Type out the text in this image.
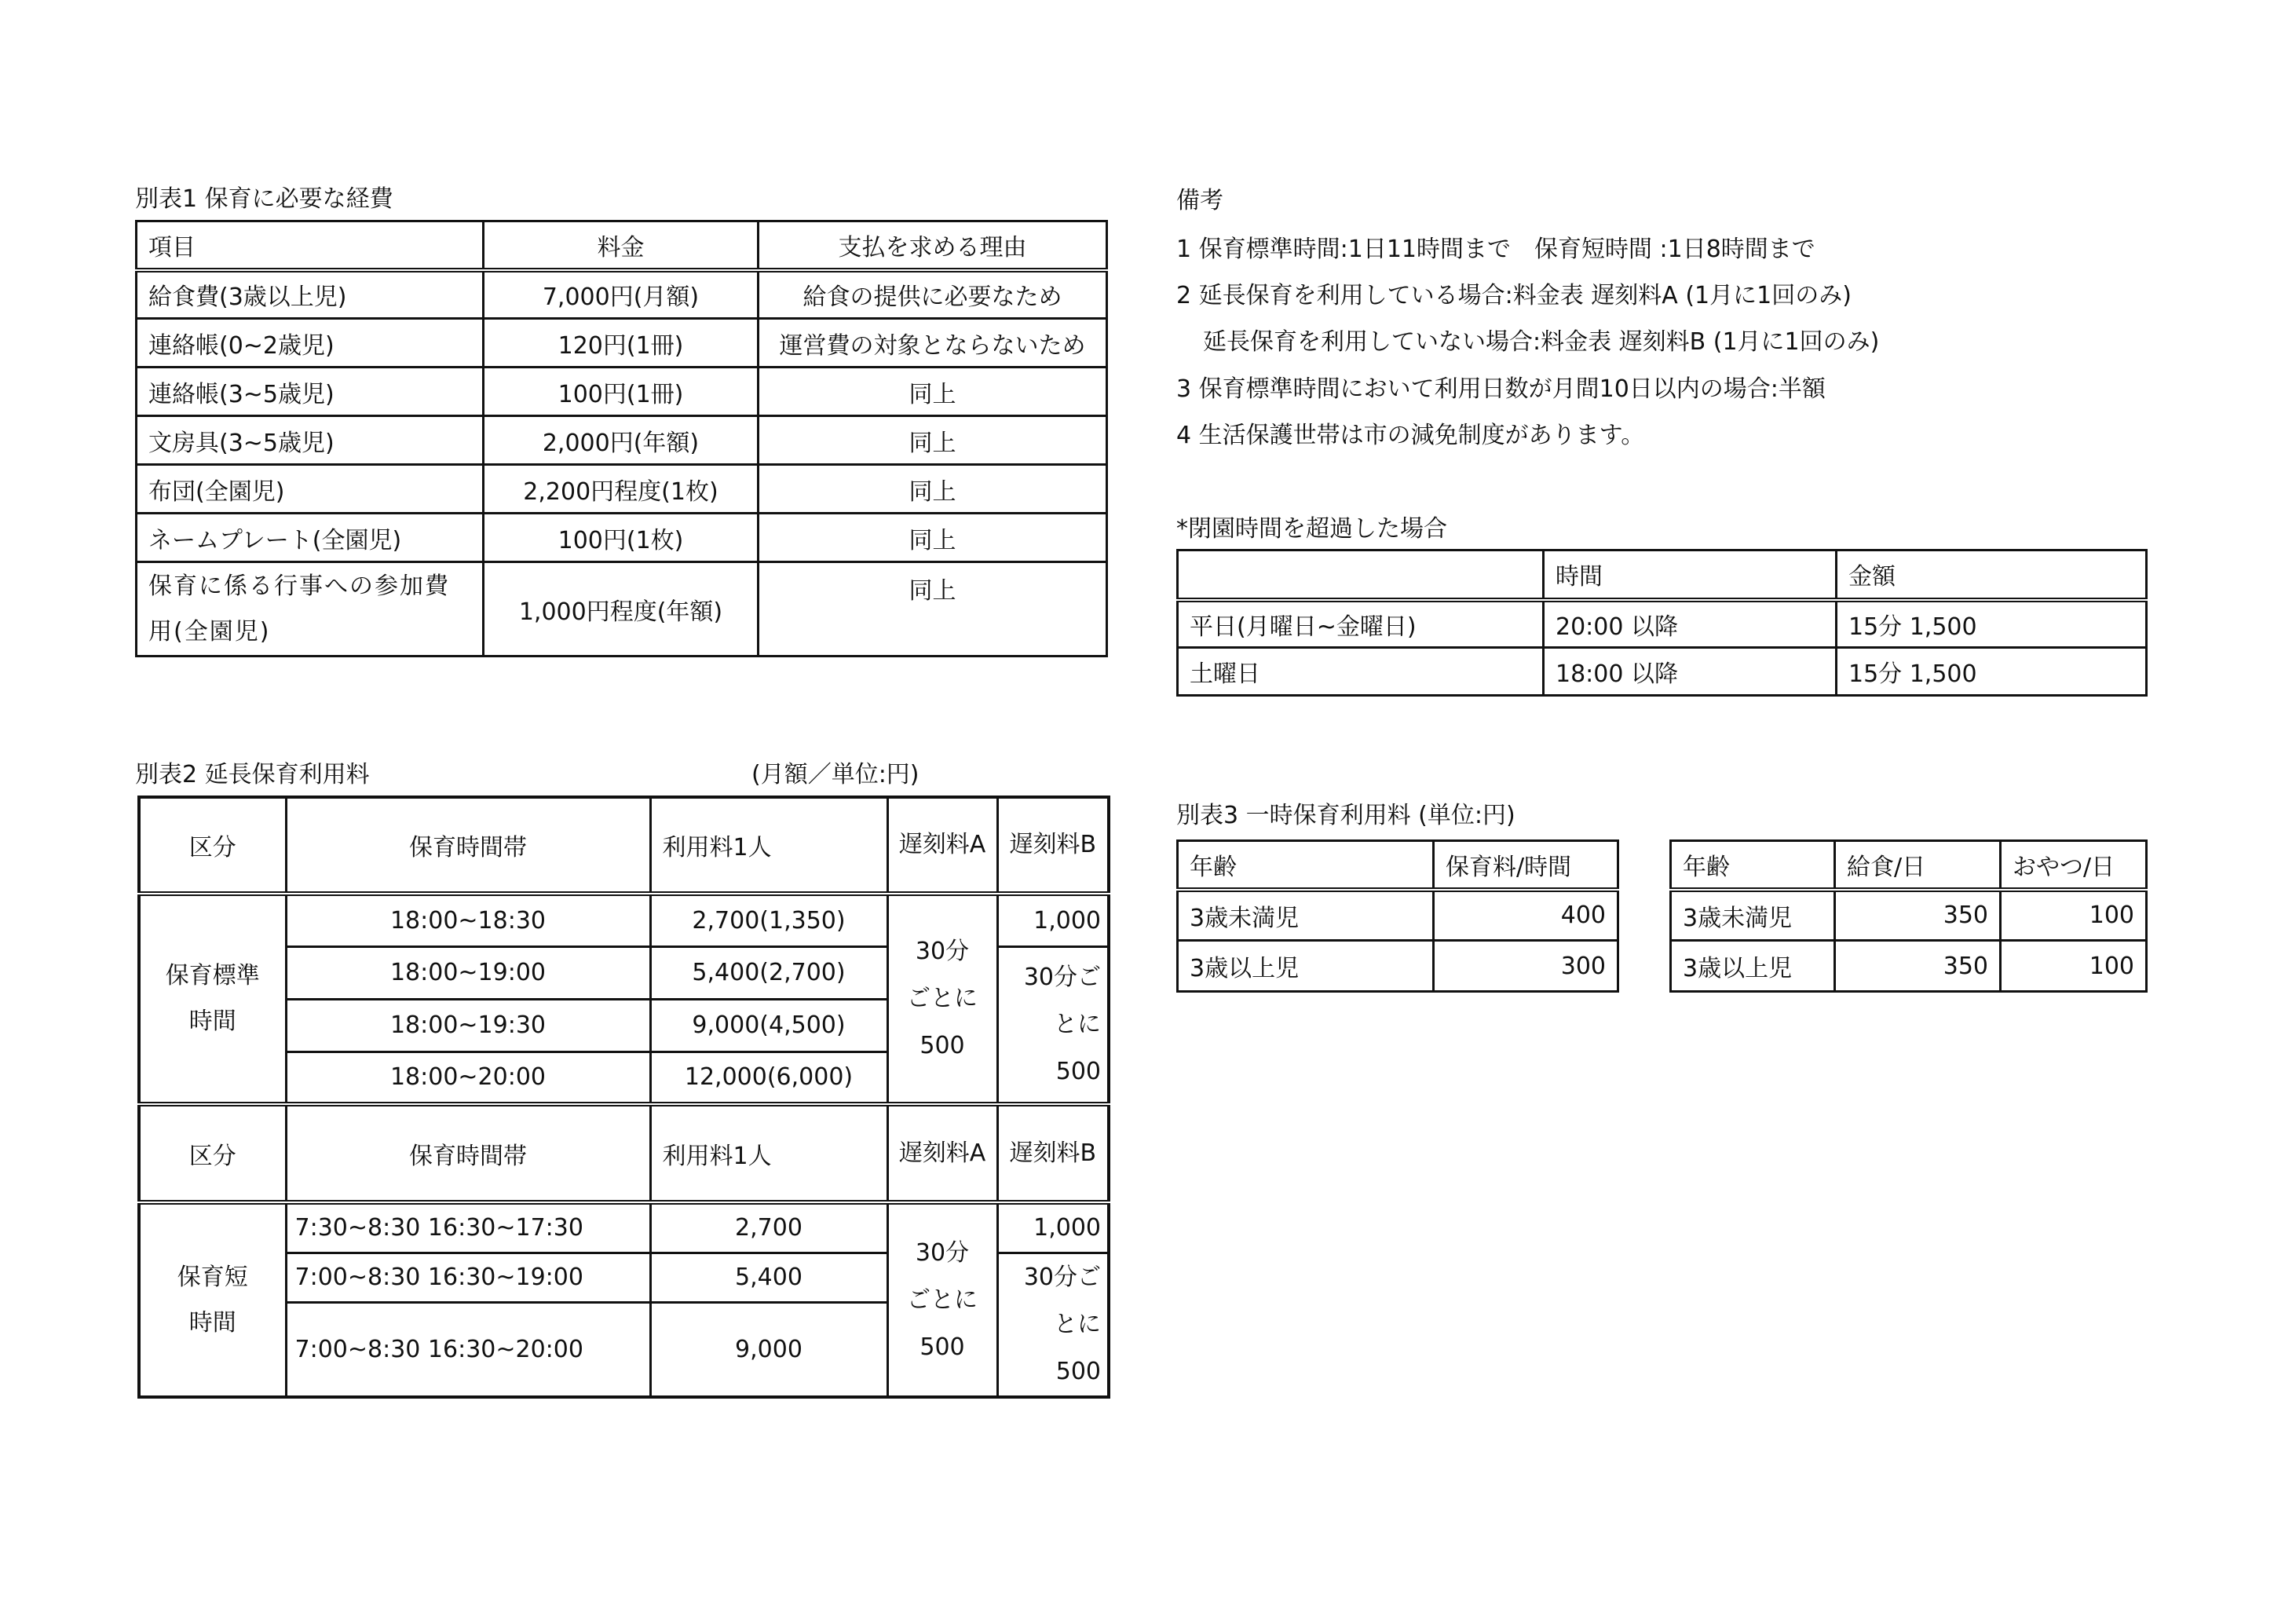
別表1 保育に必要な経費
項目	料金	支払を求める理由
給食費(3歳以上児)	7,000円(月額)	給食の提供に必要なため
連絡帳(0~2歳児)	120円(1冊)	運営費の対象とならないため
連絡帳(3~5歳児)	100円(1冊)	同上
文房具(3~5歳児)	2,000円(年額)	同上
布団(全園児)	2,200円程度(1枚)	同上
ネームプレート(全園児)	100円(1枚)	同上
保育に係る行事への参加費用(全園児)	1,000円程度(年額)	同上
備考
1 保育標準時間:1日11時間まで　保育短時間 :1日8時間まで
2 延長保育を利用している場合:料金表 遅刻料A (1月に1回のみ)
延長保育を利用していない場合:料金表 遅刻料B (1月に1回のみ)
3 保育標準時間において利用日数が月間10日以内の場合:半額
4 生活保護世帯は市の減免制度があります。
*閉園時間を超過した場合
	時間	金額
平日(月曜日~金曜日)	20:00 以降	15分 1,500
土曜日	18:00 以降	15分 1,500
別表2 延長保育利用料	(月額／単位:円)
区分	保育時間帯	利用料1人	遅刻料A	遅刻料B
保育標準時間	18:00~18:30	2,700(1,350)	30分ごとに500	1,000
	18:00~19:00	5,400(2,700)		30分ごとに500
	18:00~19:30	9,000(4,500)		
	18:00~20:00	12,000(6,000)		
区分	保育時間帯	利用料1人	遅刻料A	遅刻料B
保育短時間	7:30~8:30 16:30~17:30	2,700	30分ごとに500	1,000
	7:00~8:30 16:30~19:00	5,400		30分ごとに500
	7:00~8:30 16:30~20:00	9,000		
別表3 一時保育利用料 (単位:円)
年齢	保育料/時間
3歳未満児	400
3歳以上児	300
年齢	給食/日	おやつ/日
3歳未満児	350	100
3歳以上児	350	100
